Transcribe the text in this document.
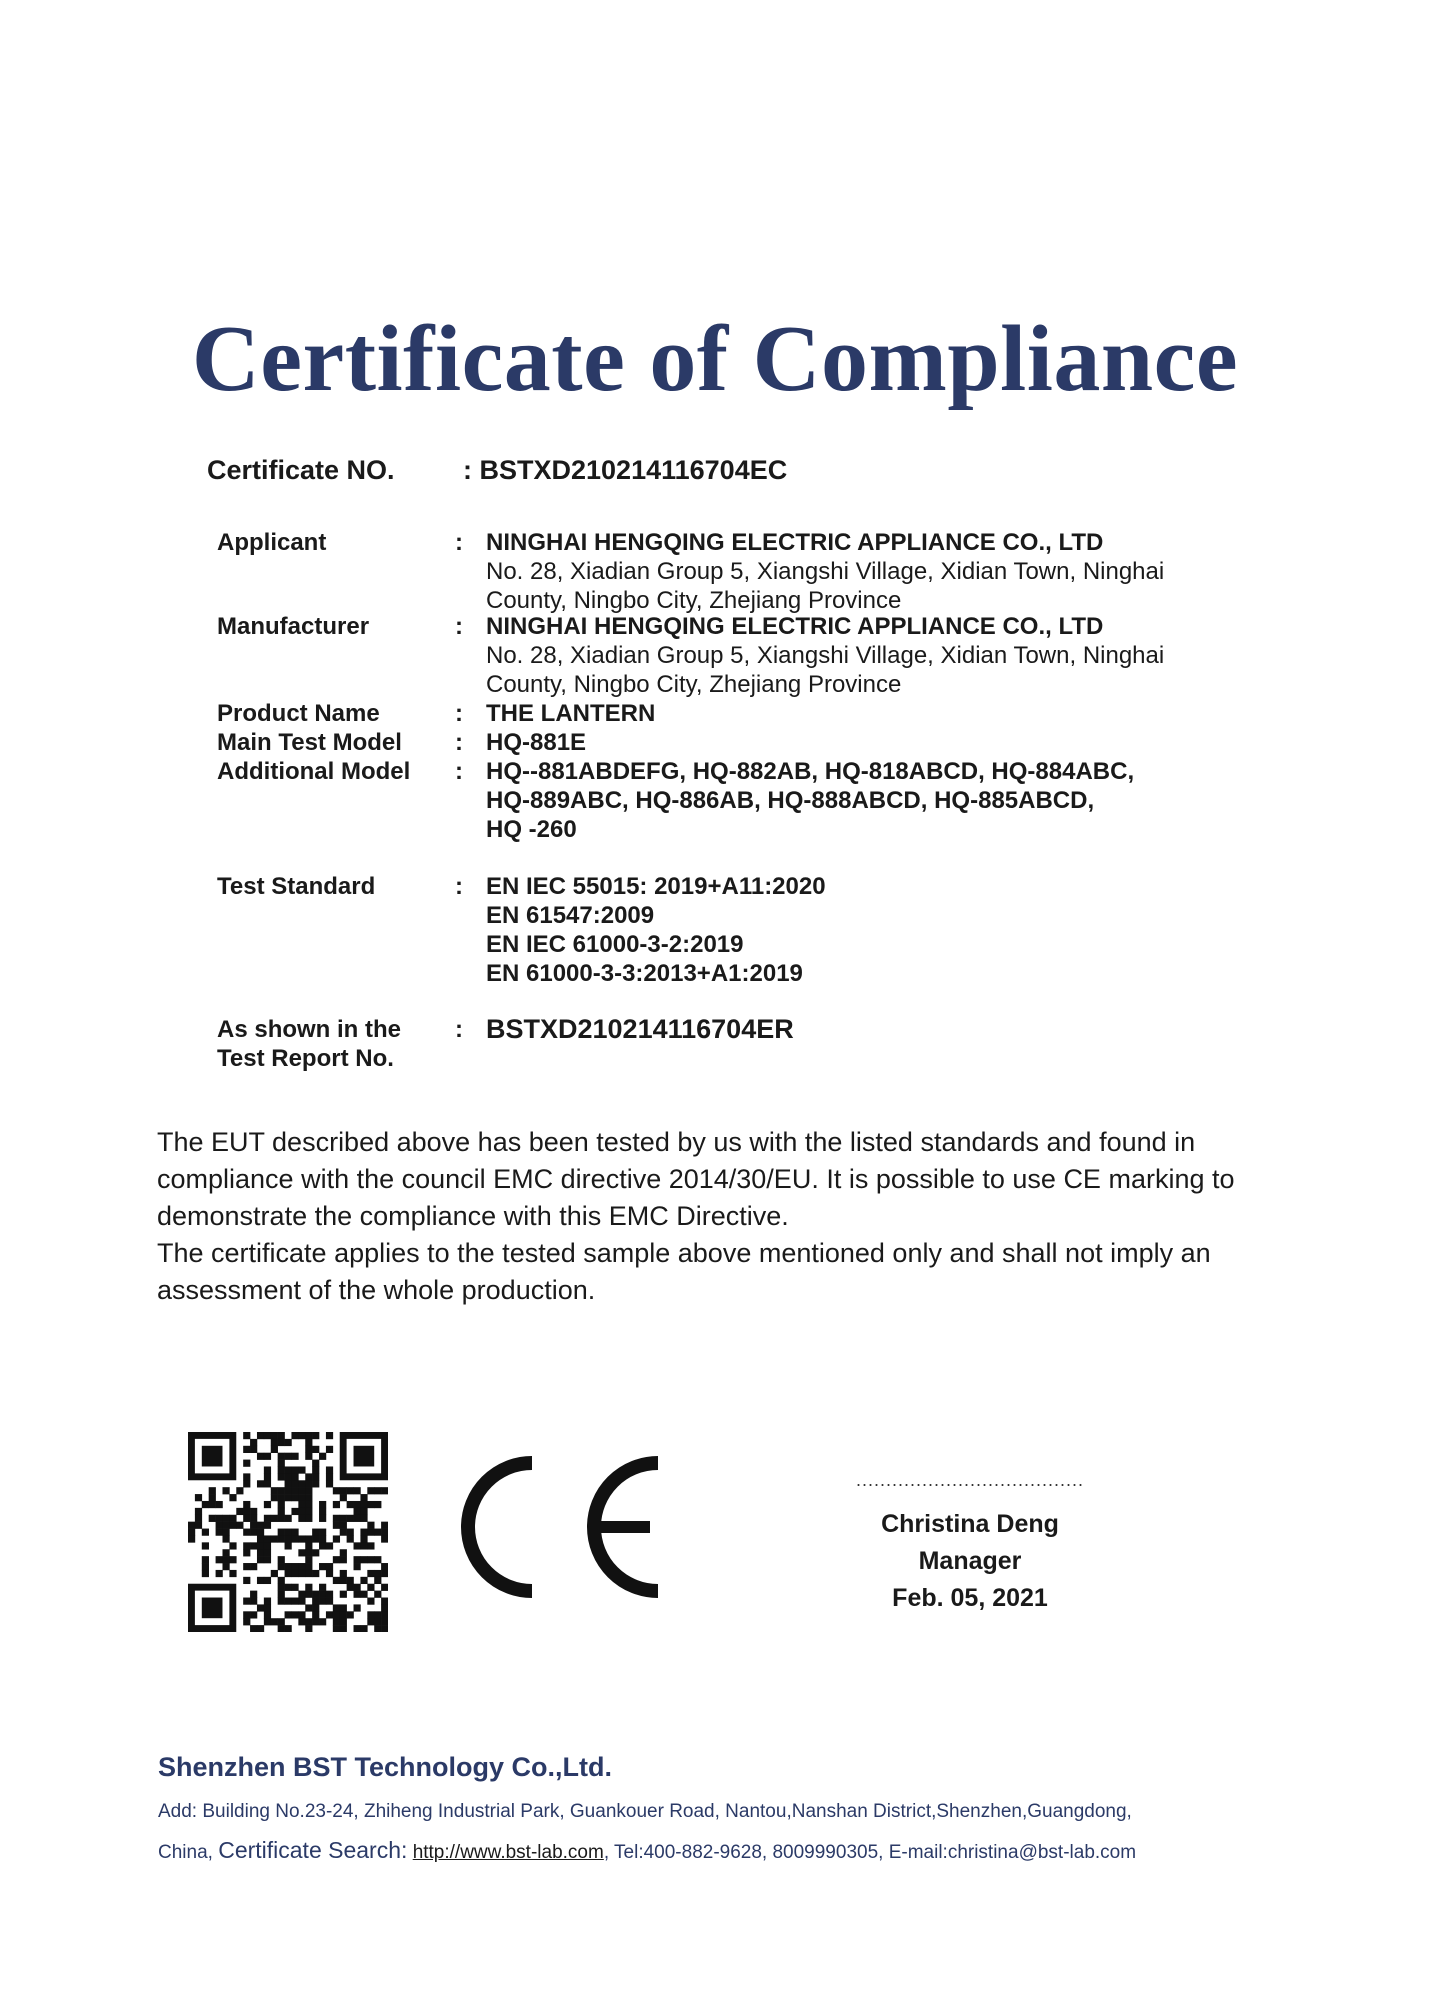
Certificate of Compliance
Certificate NO.	: BSTXD210214116704EC
Applicant	: NINGHAI HENGQING ELECTRIC APPLIANCE CO., LTD
No. 28, Xiadian Group 5, Xiangshi Village, Xidian Town, Ninghai
County, Ningbo City, Zhejiang Province
Manufacturer	: NINGHAI HENGQING ELECTRIC APPLIANCE CO., LTD
No. 28, Xiadian Group 5, Xiangshi Village, Xidian Town, Ninghai
County, Ningbo City, Zhejiang Province
Product Name	: THE LANTERN
Main Test Model	: HQ-881E
Additional Model	: HQ--881ABDEFG, HQ-882AB, HQ-818ABCD, HQ-884ABC,
HQ-889ABC, HQ-886AB, HQ-888ABCD, HQ-885ABCD,
HQ -260
Test Standard	: EN IEC 55015: 2019+A11:2020
EN 61547:2009
EN IEC 61000-3-2:2019
EN 61000-3-3:2013+A1:2019
As shown in the
Test Report No.
: BSTXD210214116704ER

The EUT described above has been tested by us with the listed standards and found in compliance with the council EMC directive 2014/30/EU. It is possible to use CE marking to demonstrate the compliance with this EMC Directive.

The certificate applies to the tested sample above mentioned only and shall not imply an assessment of the whole production.

......................................
Christina Deng
Manager
Feb. 05, 2021
Shenzhen BST Technology Co.,Ltd.
Add: Building No.23-24, Zhiheng Industrial Park, Guankouer Road, Nantou,Nanshan District,Shenzhen,Guangdong,
China, Certificate Search: http://www.bst-lab.com, Tel:400-882-9628, 8009990305, E-mail:christina@bst-lab.com
